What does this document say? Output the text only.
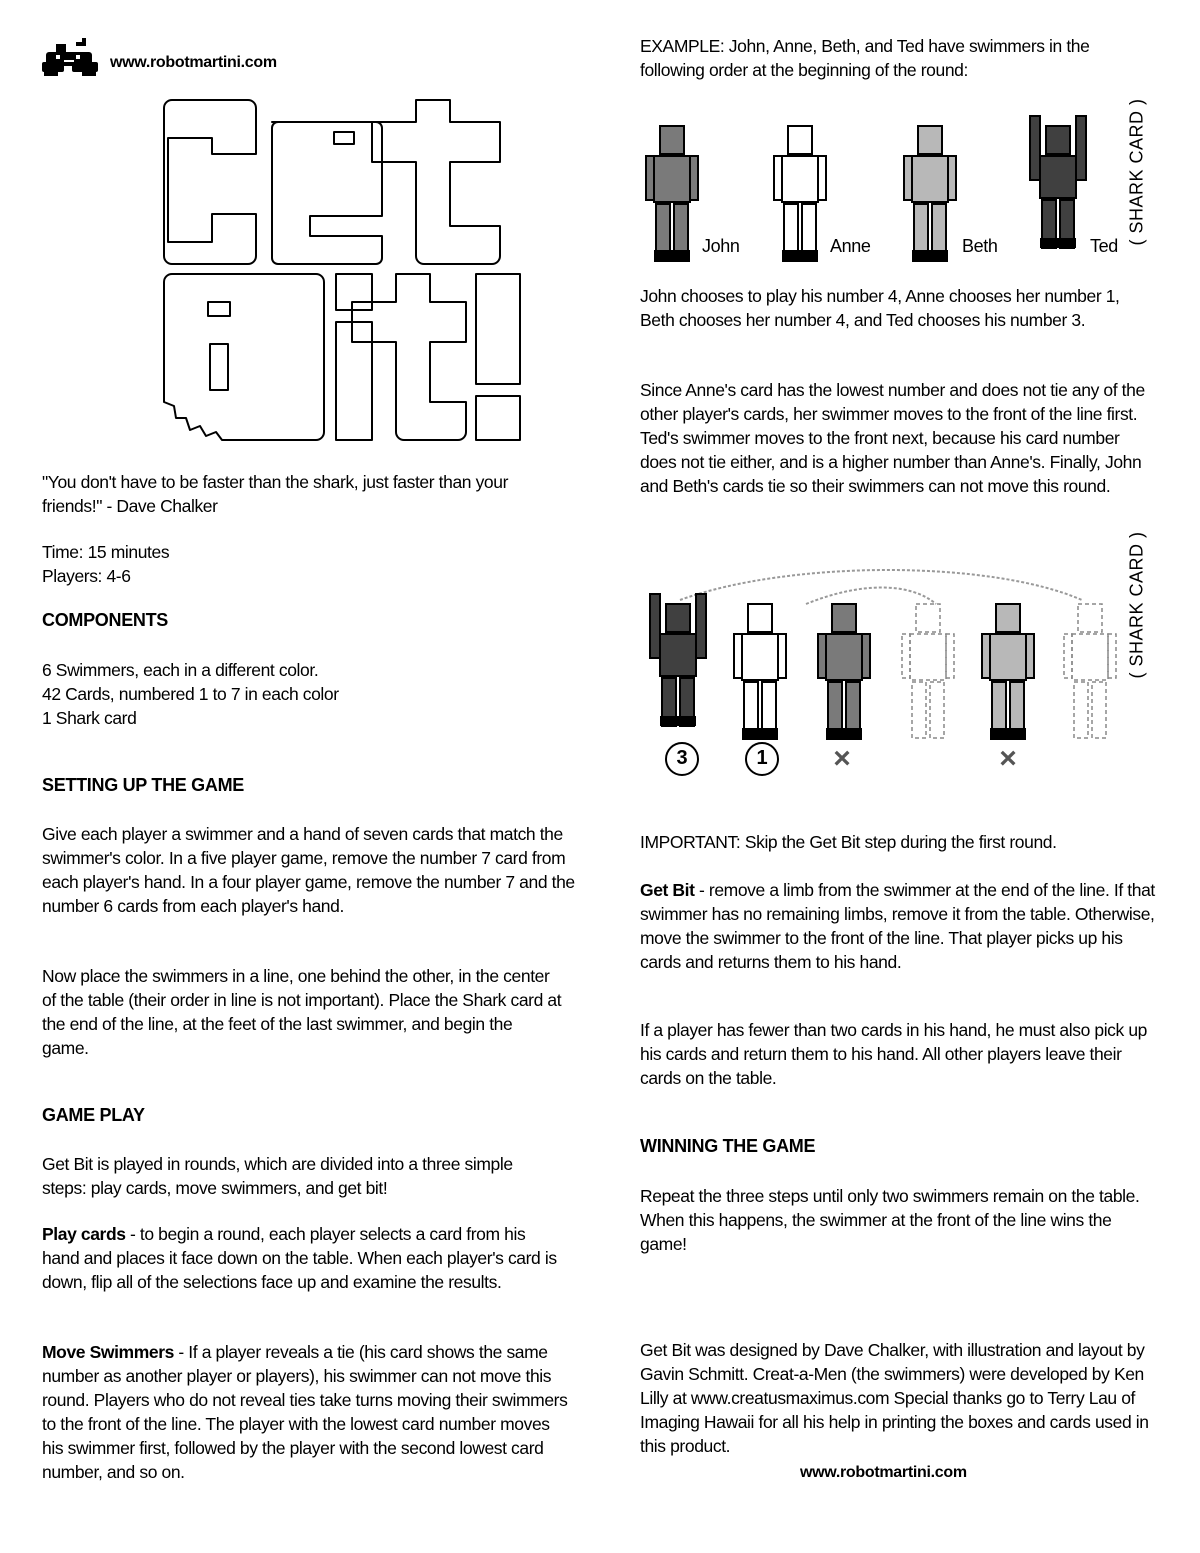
www.robotmartini.com

"You don't have to be faster than the shark, just faster than your friends!" - Dave Chalker

Time: 15 minutes

Players: 4-6

COMPONENTS

6 Swimmers, each in a different color.

42 Cards, numbered 1 to 7 in each color

1 Shark card

SETTING UP THE GAME

Give each player a swimmer and a hand of seven cards that match the swimmer's color. In a five player game, remove the number 7 card from each player's hand. In a four player game, remove the number 7 and the number 6 cards from each player's hand.

Now place the swimmers in a line, one behind the other, in the center of the table (their order in line is not important). Place the Shark card at the end of the line, at the feet of the last swimmer, and begin the game.

GAME PLAY

Get Bit is played in rounds, which are divided into a three simple steps: play cards, move swimmers, and get bit!

Play cards - to begin a round, each player selects a card from his hand and places it face down on the table. When each player's card is down, flip all of the selections face up and examine the results.

Move Swimmers - If a player reveals a tie (his card shows the same number as another player or players), his swimmer can not move this round. Players who do not reveal ties take turns moving their swimmers to the front of the line. The player with the lowest card number moves his swimmer first, followed by the player with the second lowest card number, and so on.

EXAMPLE: John, Anne, Beth, and Ted have swimmers in the following order at the beginning of the round:

John	Anne	Beth	Ted
( SHARK CARD )

John chooses to play his number 4, Anne chooses her number 1, Beth chooses her number 4, and Ted chooses his number 3.

Since Anne's card has the lowest number and does not tie any of the other player's cards, her swimmer moves to the front of the line first. Ted's swimmer moves to the front next, because his card number does not tie either, and is a higher number than Anne's. Finally, John and Beth's cards tie so their swimmers can not move this round.

3	1 ×	×
( SHARK CARD )

IMPORTANT: Skip the Get Bit step during the first round.

Get Bit - remove a limb from the swimmer at the end of the line. If that swimmer has no remaining limbs, remove it from the table. Otherwise, move the swimmer to the front of the line. That player picks up his cards and returns them to his hand.

If a player has fewer than two cards in his hand, he must also pick up his cards and return them to his hand. All other players leave their cards on the table.

WINNING THE GAME

Repeat the three steps until only two swimmers remain on the table. When this happens, the swimmer at the front of the line wins the game!

Get Bit was designed by Dave Chalker, with illustration and layout by Gavin Schmitt. Creat-a-Men (the swimmers) were developed by Ken Lilly at www.creatusmaximus.com Special thanks go to Terry Lau of Imaging Hawaii for all his help in printing the boxes and cards used in this product.

www.robotmartini.com
